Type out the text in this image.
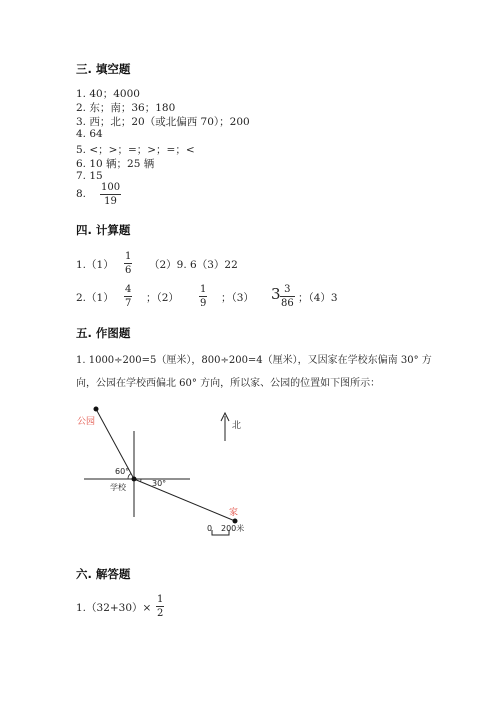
三. 填空题
1. 40；4000
2. 东；南；36；180
3. 西；北；20（或北偏西 70）；200
4. 64
5. <；>；=；>；=；<
6. 10 辆；25 辆
7. 15
8.
100
19
四. 计算题
1.（1）
1
6 （2）9. 6（3）22
2.（1）
4
7 ；（2）
1
9 ；（3） 3 3
86 ；（4）3
五. 作图题
1. 1000÷200=5（厘米），800÷200=4（厘米），又因家在学校东偏南 30° 方
向，公园在学校西偏北 60° 方向，所以家、公园的位置如下图所示：
公园
学校
家
北
60°
30°
0 200米
六. 解答题
1.（32+30）×
1
2
